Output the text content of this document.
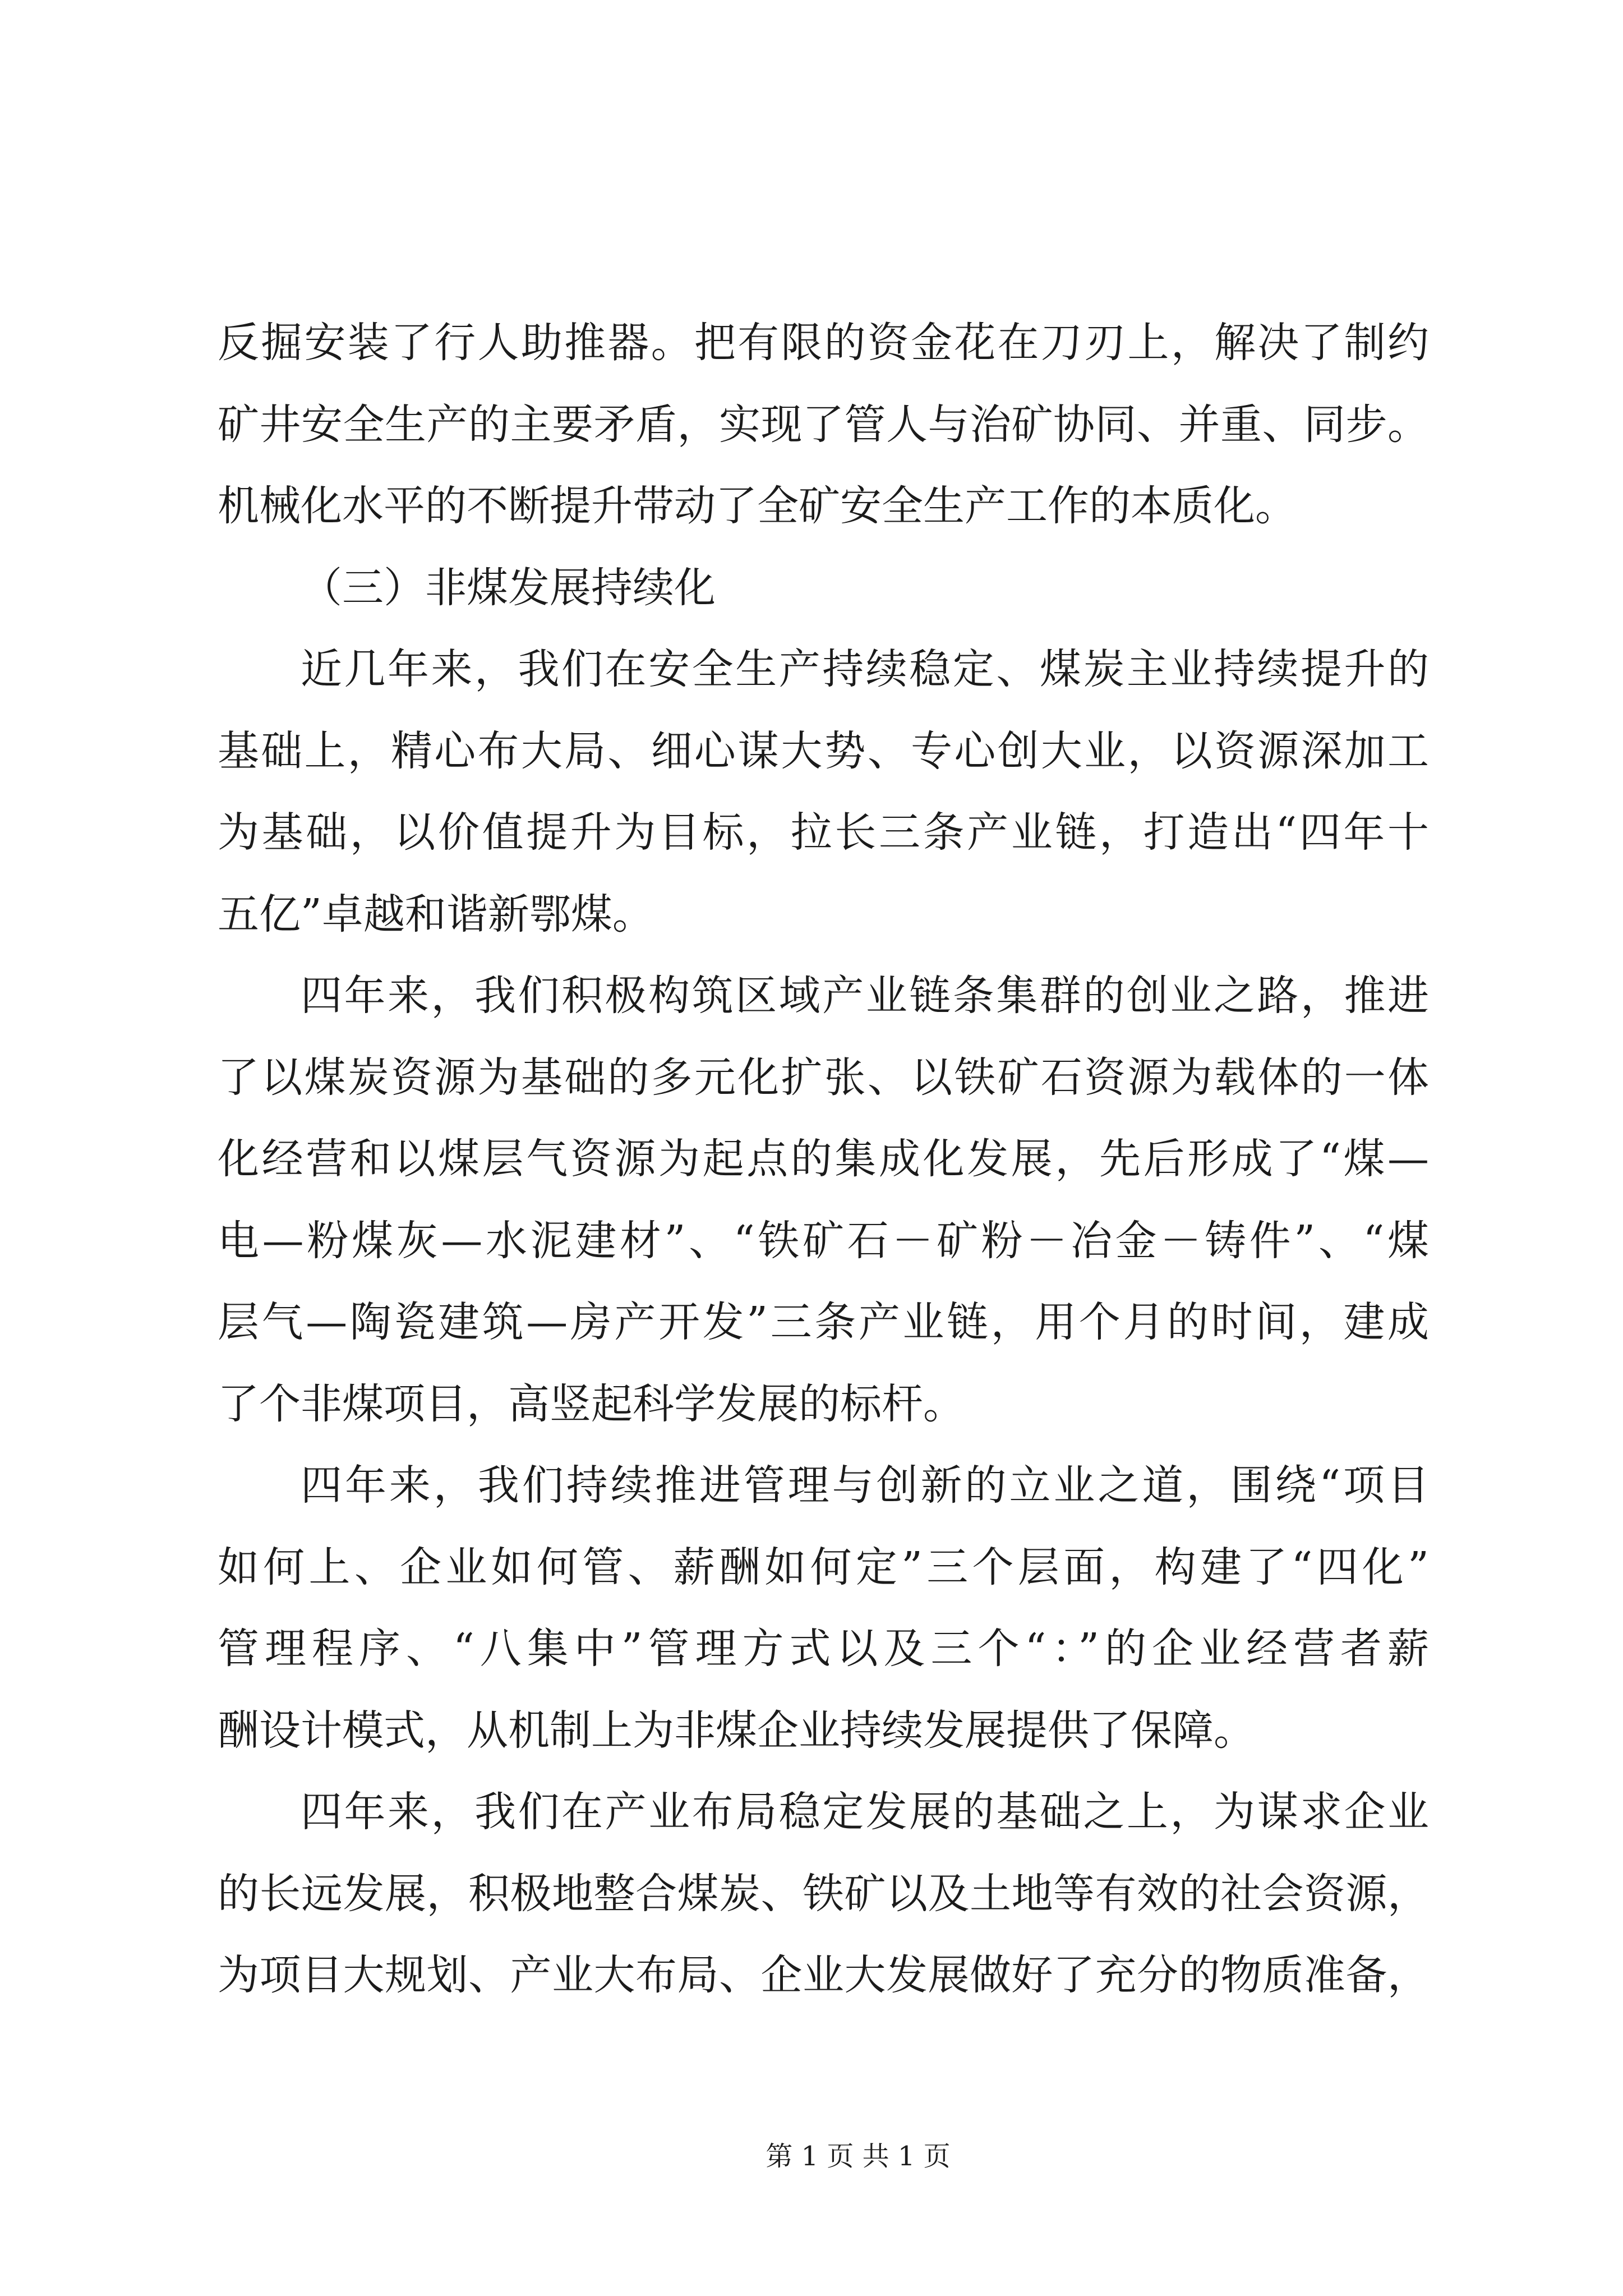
反掘安装了行人助推器。把有限的资金花在刀刃上，解决了制约
矿井安全生产的主要矛盾，实现了管人与治矿协同、并重、同步。
机械化水平的不断提升带动了全矿安全生产工作的本质化。
（三）非煤发展持续化
近几年来，我们在安全生产持续稳定、煤炭主业持续提升的
基础上，精心布大局、细心谋大势、专心创大业，以资源深加工
为基础，以价值提升为目标，拉长三条产业链，打造出“四年十
五亿”卓越和谐新鄂煤。
四年来，我们积极构筑区域产业链条集群的创业之路，推进
了以煤炭资源为基础的多元化扩张、以铁矿石资源为载体的一体
化经营和以煤层气资源为起点的集成化发展，先后形成了“煤—
电—粉煤灰—水泥建材”、“铁矿石－矿粉－冶金－铸件”、“煤
层气—陶瓷建筑—房产开发”三条产业链，用个月的时间，建成
了个非煤项目，高竖起科学发展的标杆。
四年来，我们持续推进管理与创新的立业之道，围绕“项目
如何上、企业如何管、薪酬如何定”三个层面，构建了“四化”
管理程序、“八集中”管理方式以及三个“：”的企业经营者薪
酬设计模式，从机制上为非煤企业持续发展提供了保障。
四年来，我们在产业布局稳定发展的基础之上，为谋求企业
的长远发展，积极地整合煤炭、铁矿以及土地等有效的社会资源，
为项目大规划、产业大布局、企业大发展做好了充分的物质准备，
第 1 页 共 1 页
